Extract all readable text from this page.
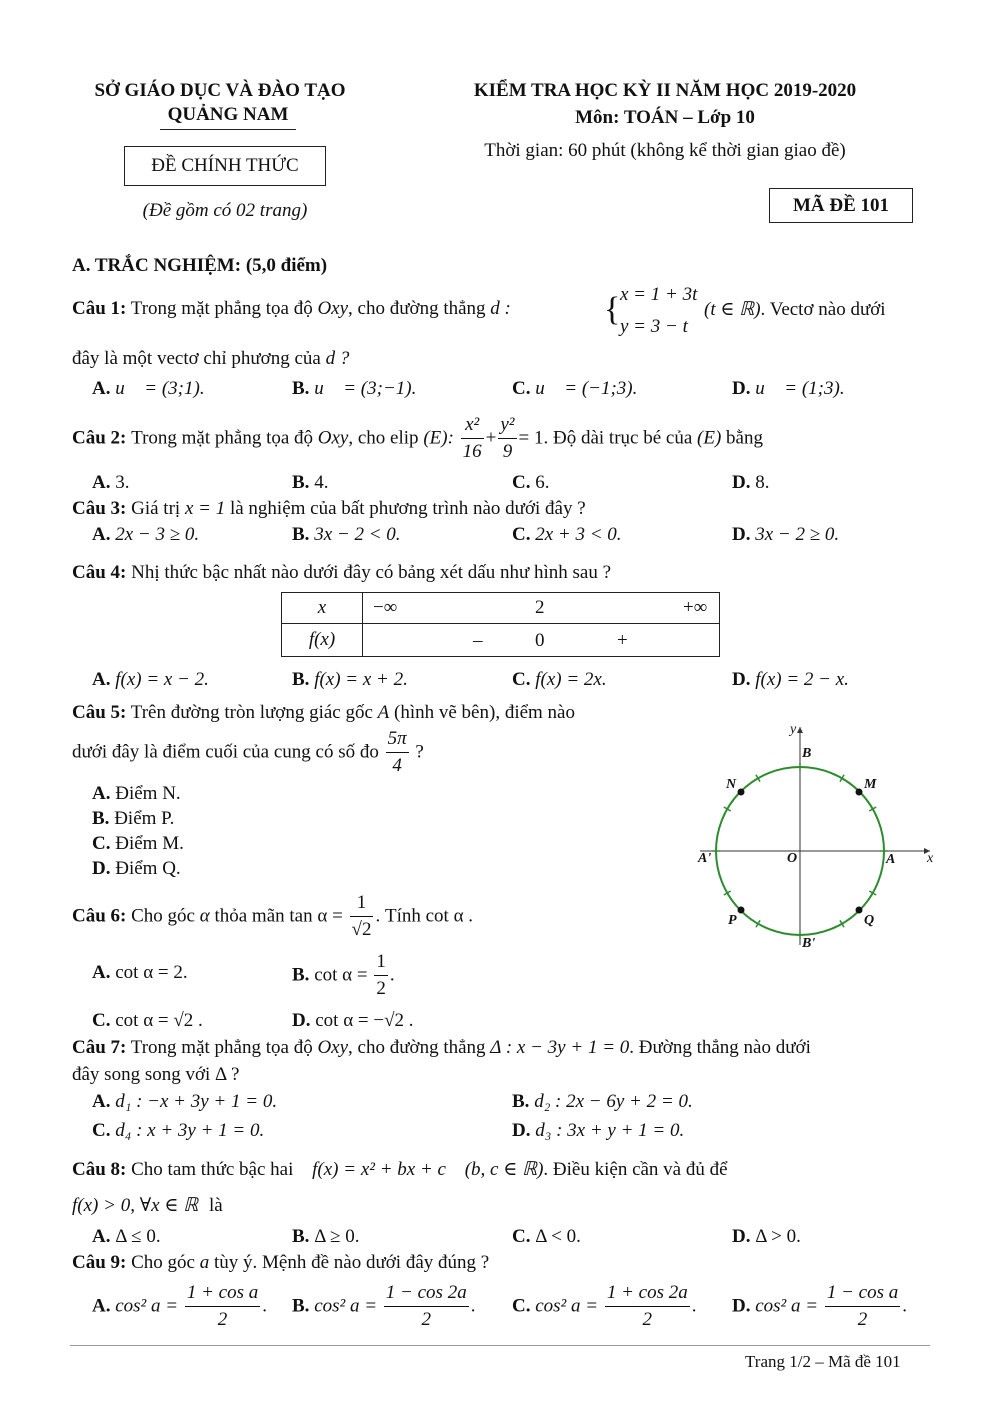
SỞ GIÁO DỤC VÀ ĐÀO TẠO
QUẢNG NAM
ĐỀ CHÍNH THỨC
(Đề gồm có 02 trang)
KIỂM TRA HỌC KỲ II NĂM HỌC 2019-2020
Môn: TOÁN – Lớp 10
Thời gian: 60 phút (không kể thời gian giao đề)
MÃ ĐỀ 101
A. TRẮC NGHIỆM: (5,0 điểm)
Câu 1: Trong mặt phẳng tọa độ Oxy, cho đường thẳng d :	{ x = 1 + 3t
y = 3 − t
(t ∈ ℝ). Vectơ nào dưới
đây là một vectơ chỉ phương của d ?
A. u⃗ = (3;1).	B. u⃗ = (3;−1).	C. u⃗ = (−1;3).	D. u⃗ = (1;3).
Câu 2: Trong mặt phẳng tọa độ Oxy, cho elip (E): $\frac{\text{x²}}{16} + \frac{\text{y²}}{9} = 1$. Độ dài trục bé của (E) bằng
A. 3.	B. 4.	C. 6.	D. 8.
Câu 3: Giá trị x = 1 là nghiệm của bất phương trình nào dưới đây ?
A. 2x − 3 ≥ 0.	B. 3x − 2 < 0.	C. 2x + 3 < 0.	D. 3x − 2 ≥ 0.
Câu 4: Nhị thức bậc nhất nào dưới đây có bảng xét dấu như hình sau ?
x	−∞ 2 +∞

f(x)	– 0 +
A. f(x) = x − 2.	B. f(x) = x + 2.	C. f(x) = 2x.	D. f(x) = 2 − x.
Câu 5: Trên đường tròn lượng giác gốc A (hình vẽ bên), điểm nào
dưới đây là điểm cuối của cung có số đo $\frac{5\pi}{4}$ ?
A. Điểm N.
B. Điểm P.
C. Điểm M.
D. Điểm Q.
y
x
B
N	M
A'	O	A
P	Q
B'
Câu 6: Cho góc α thỏa mãn $\tan \alpha = \frac{1}{√2}$ . Tính cot α .
A. cot α = 2.	B. $\cot \alpha = \frac{1}{2}$ .
C. cot α = √2 .	D. cot α = −√2 .
Câu 7: Trong mặt phẳng tọa độ Oxy, cho đường thẳng Δ : x − 3y + 1 = 0. Đường thẳng nào dưới
đây song song với Δ ?
A. d₁ : −x + 3y + 1 = 0.	B. d₂ : 2x − 6y + 2 = 0.
C. d₄ : x + 3y + 1 = 0.	D. d₃ : 3x + y + 1 = 0.
Câu 8: Cho tam thức bậc hai f(x) = x² + bx + c (b, c ∈ ℝ). Điều kiện cần và đủ để
f(x) > 0, ∀x ∈ ℝ là
A. Δ ≤ 0.	B. Δ ≥ 0.	C. Δ < 0.	D. Δ > 0.
Câu 9: Cho góc a tùy ý. Mệnh đề nào dưới đây đúng ?
A. cos² $a = \frac{\text{1 + cos a}}{2}$ . B. cos² $a = \frac{1 - \cos 2a}{2}$ . C. cos² $a = \frac{1 + \cos 2a}{2}$ . D. cos² $a = \frac{\text{1 − cos a}}{2}$ .
Trang 1/2 – Mã đề 101
